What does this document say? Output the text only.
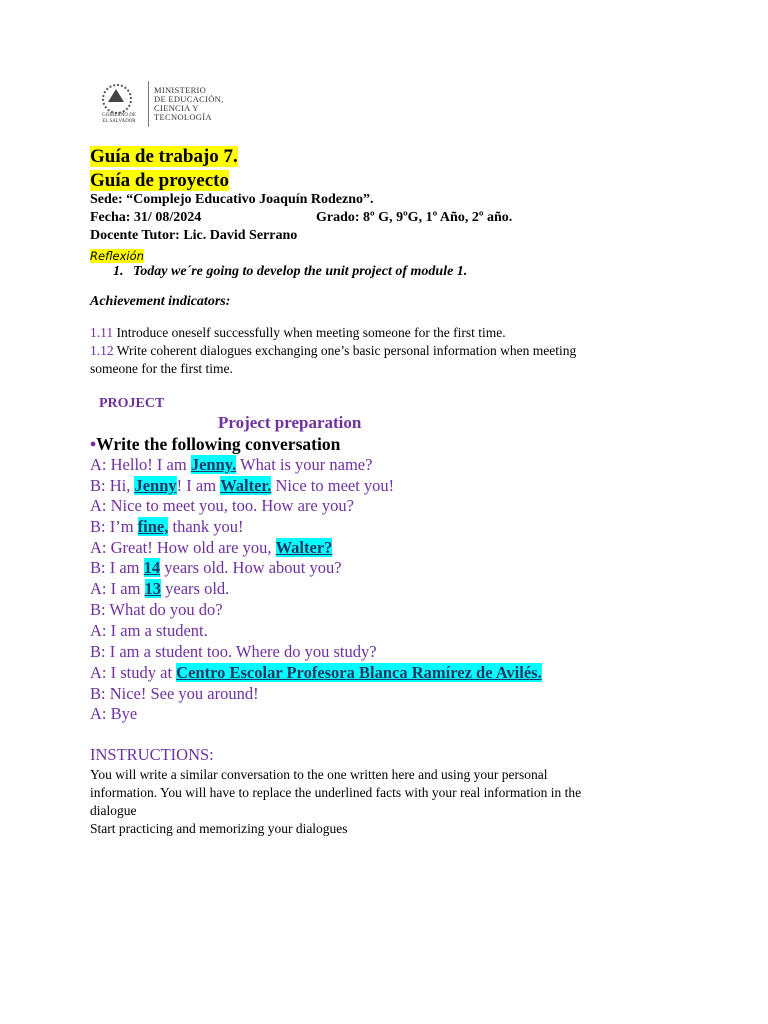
GOBIERNO DE
EL SALVADOR
MINISTERIO
DE EDUCACIÓN,
CIENCIA Y
TECNOLOGÍA
Guía de trabajo 7.
Guía de proyecto
Sede: “Complejo Educativo Joaquín Rodezno”.
Fecha: 31/ 08/2024	Grado: 8º G, 9ºG, 1º Año, 2º año.
Docente Tutor: Lic. David Serrano
Reflexión
1. Today we´re going to develop the unit project of module 1.
Achievement indicators:
1.11 Introduce oneself successfully when meeting someone for the first time.
1.12 Write coherent dialogues exchanging one’s basic personal information when meeting
someone for the first time.
PROJECT
Project preparation
•Write the following conversation
A: Hello! I am Jenny. What is your name?
B: Hi, Jenny! I am Walter. Nice to meet you!
A: Nice to meet you, too. How are you?
B: I’m fine, thank you!
A: Great! How old are you, Walter?
B: I am 14 years old. How about you?
A: I am 13 years old.
B: What do you do?
A: I am a student.
B: I am a student too. Where do you study?
A: I study at Centro Escolar Profesora Blanca Ramírez de Avilés.
B: Nice! See you around!
A: Bye
INSTRUCTIONS:
You will write a similar conversation to the one written here and using your personal
information. You will have to replace the underlined facts with your real information in the
dialogue
Start practicing and memorizing your dialogues
